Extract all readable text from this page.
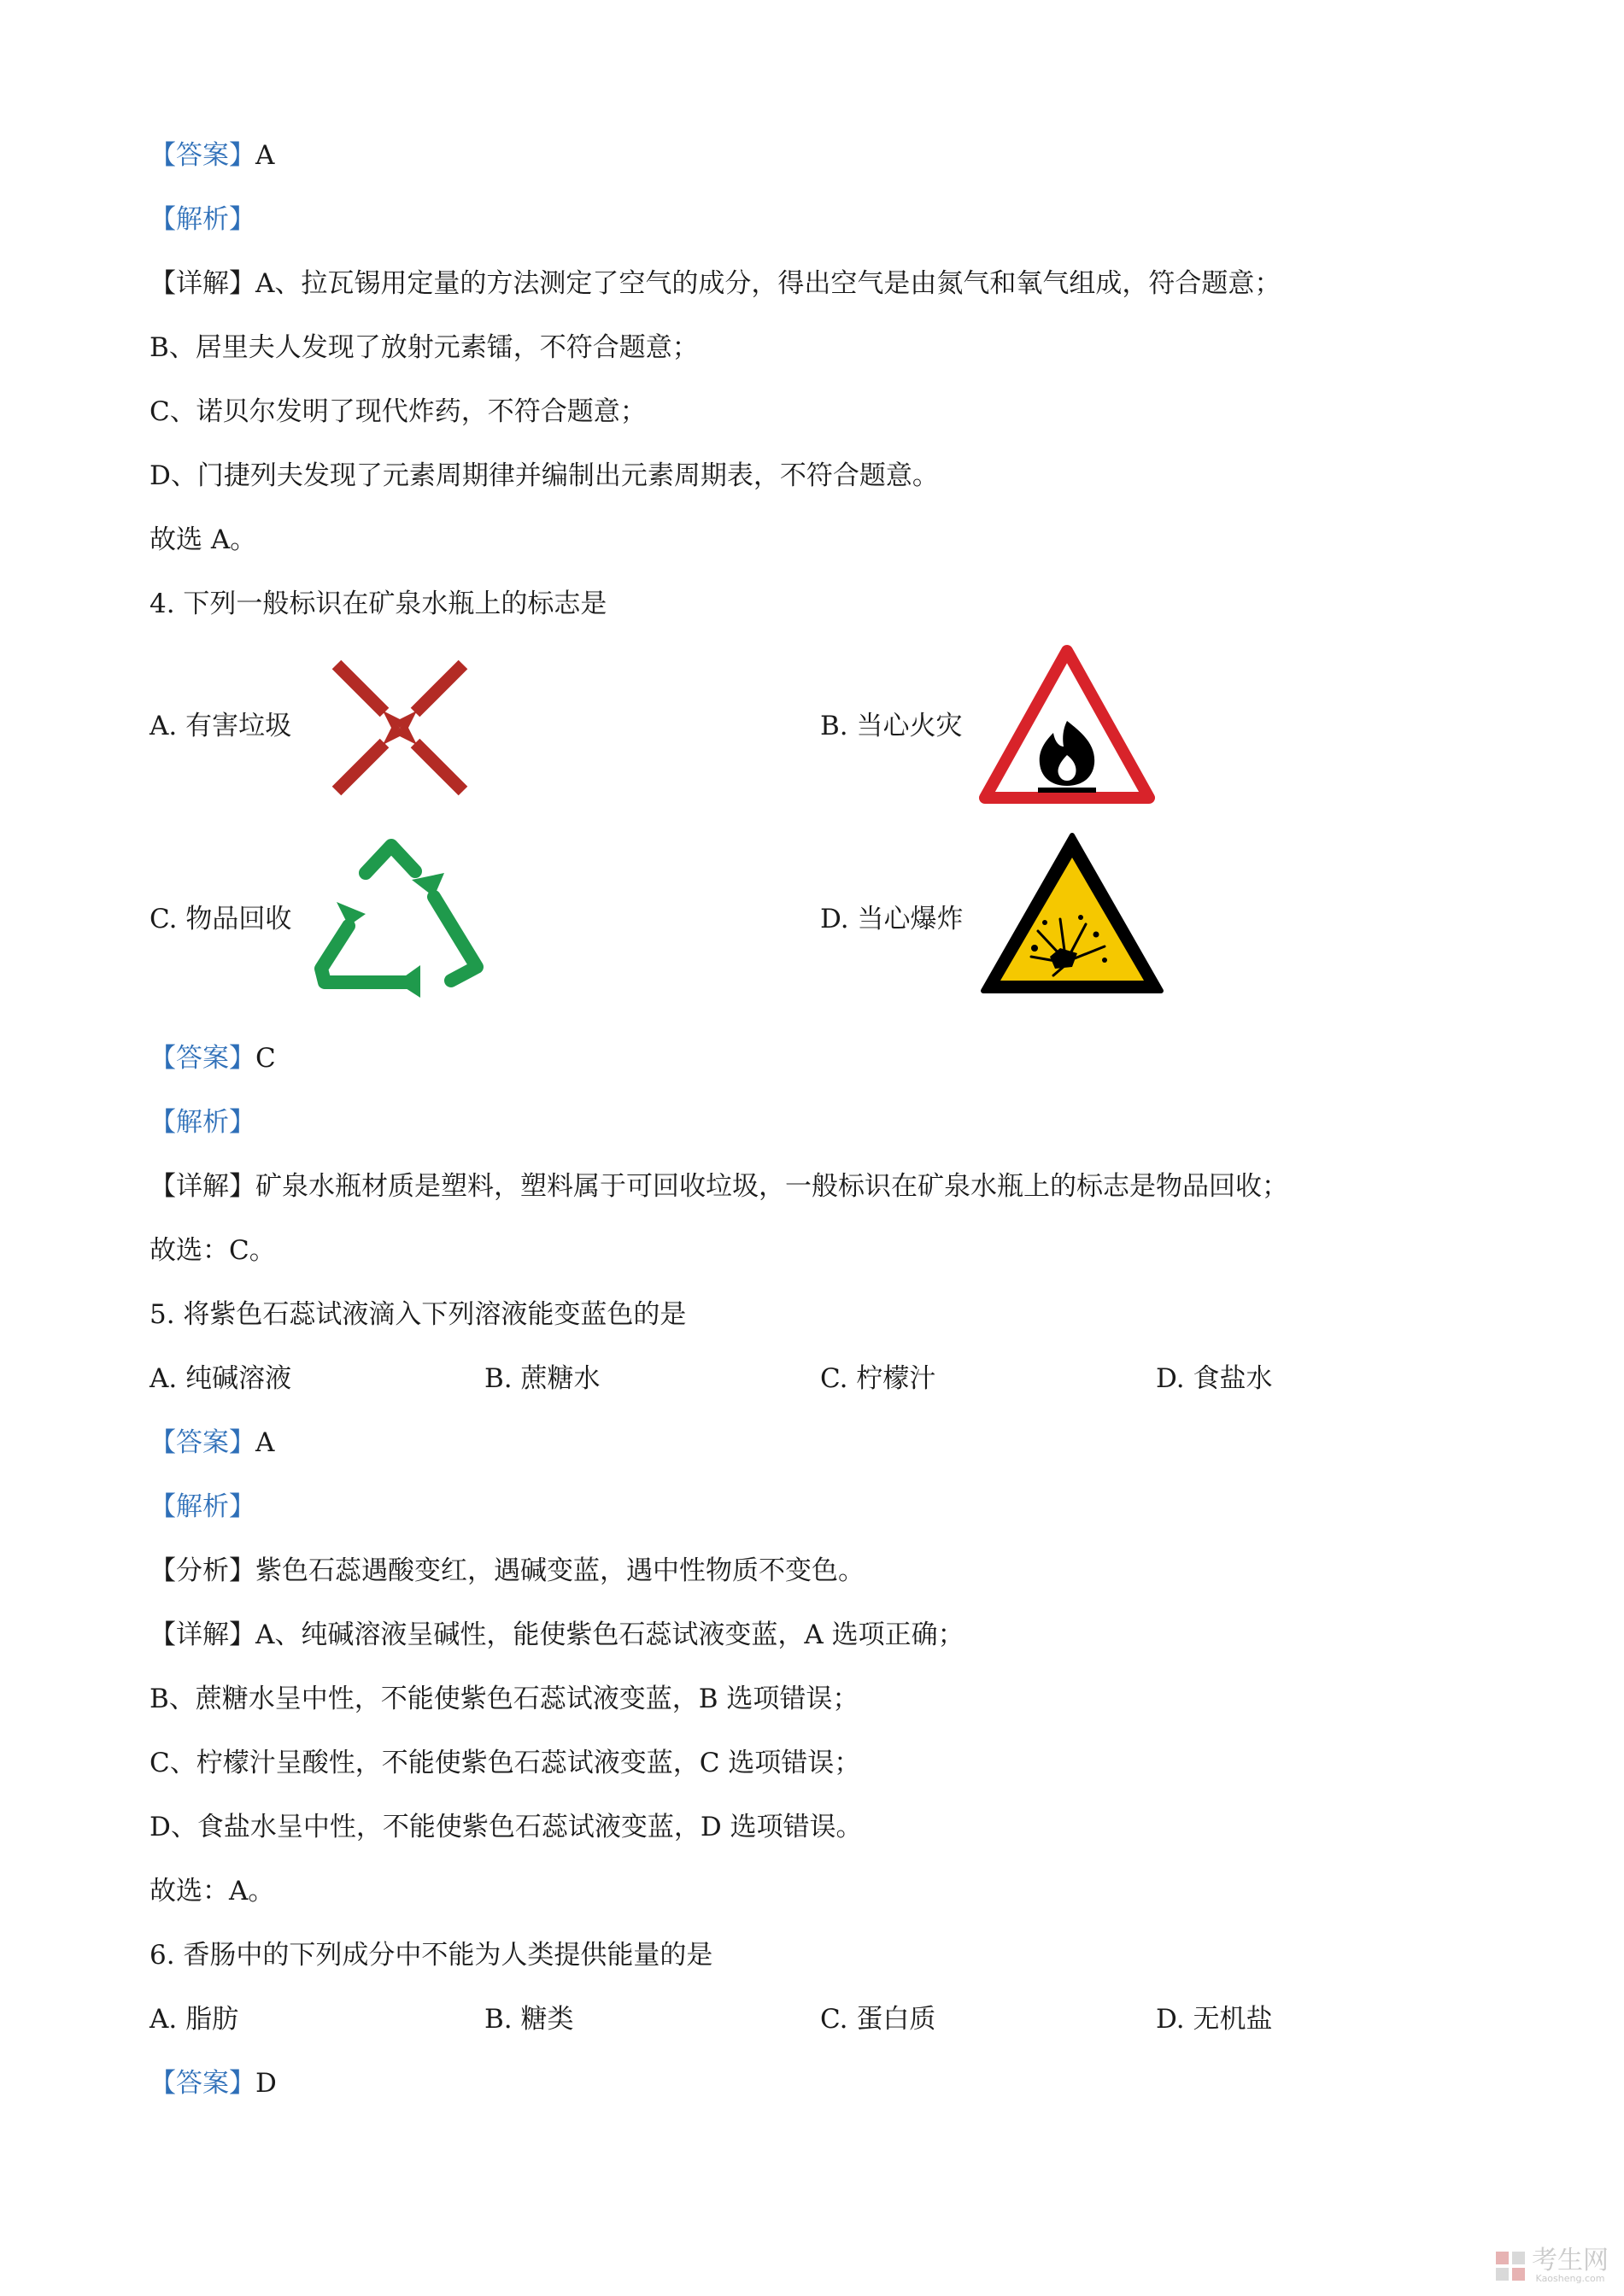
【答案】A
【解析】
【详解】A、拉瓦锡用定量的方法测定了空气的成分，得出空气是由氮气和氧气组成，符合题意；
B、居里夫人发现了放射元素镭，不符合题意；
C、诺贝尔发明了现代炸药，不符合题意；
D、门捷列夫发现了元素周期律并编制出元素周期表，不符合题意。
故选 A。
4. 下列一般标识在矿泉水瓶上的标志是
A. 有害垃圾	B. 当心火灾
C. 物品回收	D. 当心爆炸
【答案】C
【解析】
【详解】矿泉水瓶材质是塑料，塑料属于可回收垃圾，一般标识在矿泉水瓶上的标志是物品回收；
故选：C。
5. 将紫色石蕊试液滴入下列溶液能变蓝色的是
A. 纯碱溶液	B. 蔗糖水	C. 柠檬汁	D. 食盐水
【答案】A
【解析】
【分析】紫色石蕊遇酸变红，遇碱变蓝，遇中性物质不变色。
【详解】A、纯碱溶液呈碱性，能使紫色石蕊试液变蓝，A 选项正确；
B、蔗糖水呈中性，不能使紫色石蕊试液变蓝，B 选项错误；
C、柠檬汁呈酸性，不能使紫色石蕊试液变蓝，C 选项错误；
D、食盐水呈中性，不能使紫色石蕊试液变蓝，D 选项错误。
故选：A。
6. 香肠中的下列成分中不能为人类提供能量的是
A. 脂肪	B. 糖类	C. 蛋白质	D. 无机盐
【答案】D
考生网
Kaosheng.com
